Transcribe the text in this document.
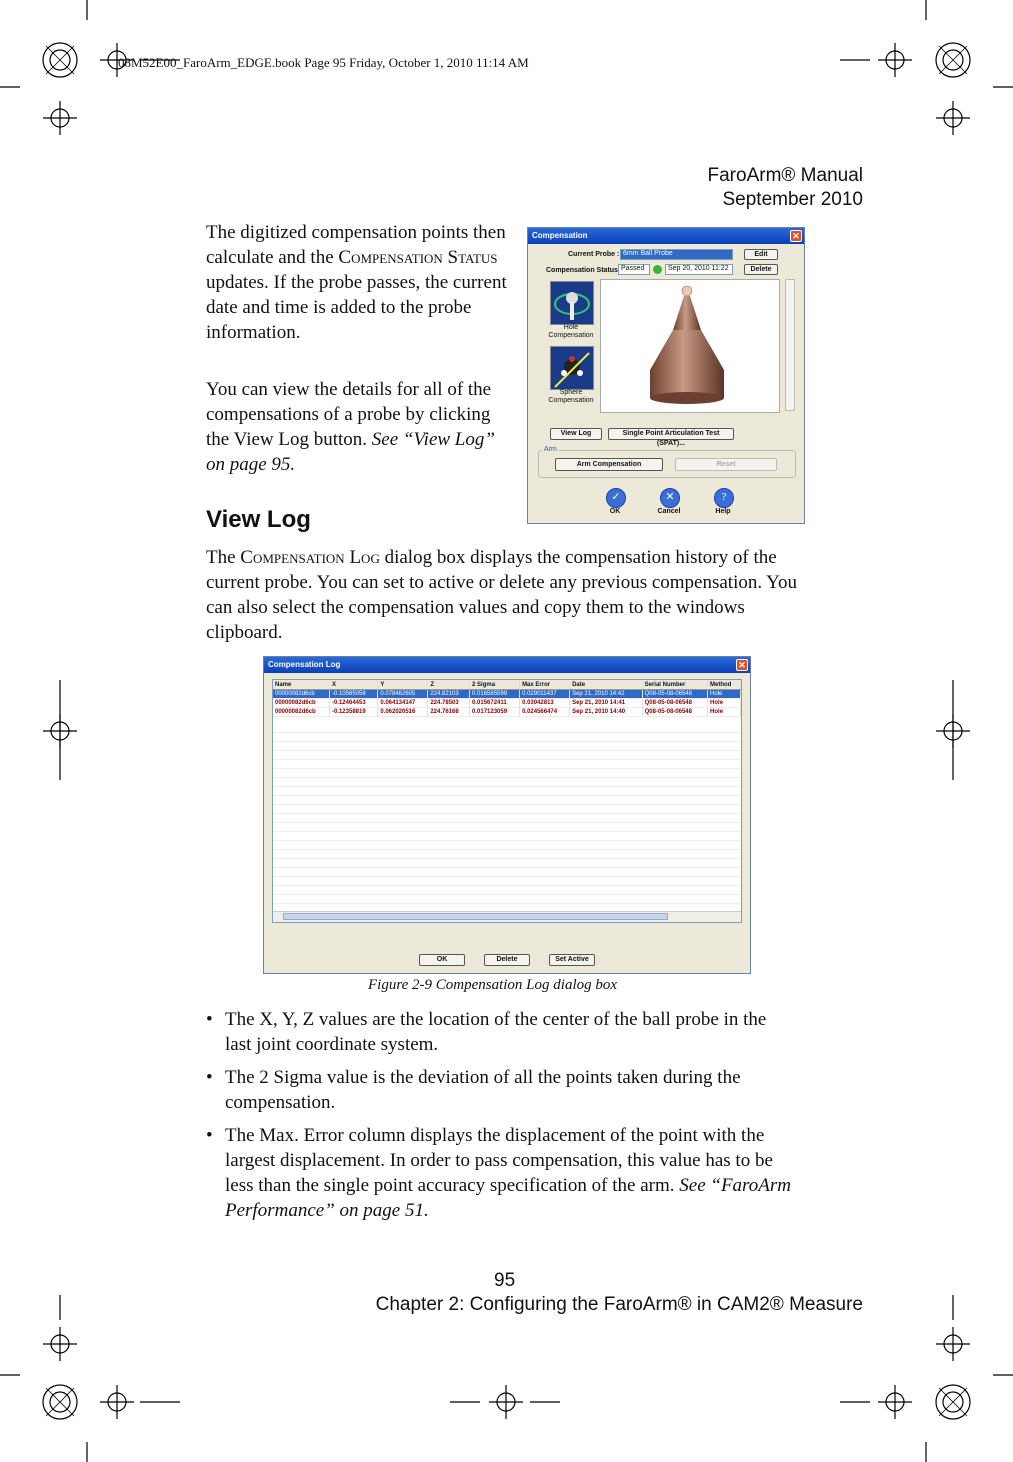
08M52E00_FaroArm_EDGE.book Page 95 Friday, October 1, 2010 11:14 AM
FaroArm® Manual
September 2010
The digitized compensation points then calculate and the Compensation Status updates. If the probe passes, the current date and time is added to the probe information.
You can view the details for all of the compensations of a probe by clicking the View Log button. See “View Log” on page 95.
Compensation	✕
Current Probe : 6mm Ball Probe	Edit
Compensation Status Passed	Sep 20, 2010 11:22	Delete
Hole Compensation
Sphere Compensation
View Log	Single Point Articulation Test (SPAT)...
Arm
Arm Compensation	Reset
✓
OK
✕
Cancel
?
Help
View Log
The Compensation Log dialog box displays the compensation history of the current probe. You can set to active or delete any previous compensation. You can also select the compensation values and copy them to the windows clipboard.
Compensation Log	✕
Name	X	Y	Z	2 Sigma	Max Error	Date	Serial Number	Method
00000082d6cb	-0.10565058	0.078462605	224.82103	0.016585599	0.029011437	Sep 21, 2010 14:42	Q08-05-08-06548	Hole
00000082d6cb	-0.12464453	0.064134147	224.78503	0.015672411	0.03042813	Sep 21, 2010 14:41	Q08-05-08-06548	Hole
00000082d6cb	-0.12358819	0.062020516	224.76168	0.017123059	0.024566474	Sep 21, 2010 14:40	Q08-05-08-06548	Hole
OK	Delete	Set Active
Figure 2-9 Compensation Log dialog box
• The X, Y, Z values are the location of the center of the ball probe in the last joint coordinate system.
• The 2 Sigma value is the deviation of all the points taken during the compensation.
• The Max. Error column displays the displacement of the point with the largest displacement. In order to pass compensation, this value has to be less than the single point accuracy specification of the arm. See “FaroArm Performance” on page 51.
95
Chapter 2: Configuring the FaroArm® in CAM2® Measure
